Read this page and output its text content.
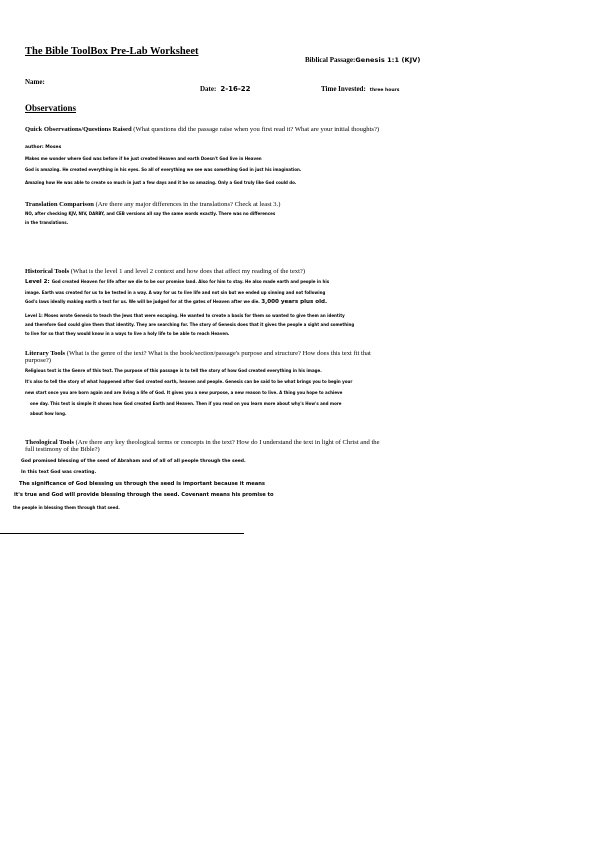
The Bible ToolBox Pre-Lab Worksheet
Biblical Passage:Genesis 1:1 (KJV)
Name:
Date: 2-16-22	Time Invested: three hours
Observations
Quick Observations/Questions Raised (What questions did the passage raise when you first read it? What are your initial thoughts?)
author: Moses
Makes me wonder where God was before if he just created Heaven and earth Doesn't God live in Heaven
God is amazing. He created everything in his eyes. So all of everything we see was something God in just his imagination.
Amazing how He was able to create so much in just a few days and it be so amazing. Only a God truly like God could do.
Translation Comparison (Are there any major differences in the translations? Check at least 3.)
NO, after checking KJV, NIV, DARBY, and CEB versions all say the same words exactly. There was no differences
in the translations.
Historical Tools (What is the level 1 and level 2 context and how does that affect my reading of the text?)
Level 2: God created Heaven for life after we die to be our promise land. Also for him to stay. He also made earth and people in his
image. Earth was created for us to be tested in a way. A way for us to live life and not sin but we ended up sinning and not following
God's laws ideally making earth a test for us. We will be judged for at the gates of Heaven after we die. 3,000 years plus old.
Level 1: Moses wrote Genesis to teach the Jews that were escaping. He wanted to create a basis for them so wanted to give them an identity
and therefore God could give them that identity. They are searching for. The story of Genesis does that it gives the people a sight and something
to live for so that they would know in a ways to live a holy life to be able to reach Heaven.
Literary Tools (What is the genre of the text? What is the book/section/passage's purpose and structure? How does this text fit that purpose?)
Religious text is the Genre of this text. The purpose of this passage is to tell the story of how God created everything in his image.
It's also to tell the story of what happened after God created earth, heaven and people. Genesis can be said to be what brings you to begin your
new start once you are born again and are living a life of God. It gives you a new purpose, a new reason to live. A thing you hope to achieve
one day. This text is simple it shows how God created Earth and Heaven. Then if you read on you learn more about why's How's and more
about how long.
Theological Tools (Are there any key theological terms or concepts in the text? How do I understand the text in light of Christ and the full testimony of the Bible?)
God promised blessing of the seed of Abraham and of all of all people through the seed.
In this text God was creating.
The significance of God blessing us through the seed is important because it means
it's true and God will provide blessing through the seed. Covenant means his promise to
the people in blessing them through that seed.
